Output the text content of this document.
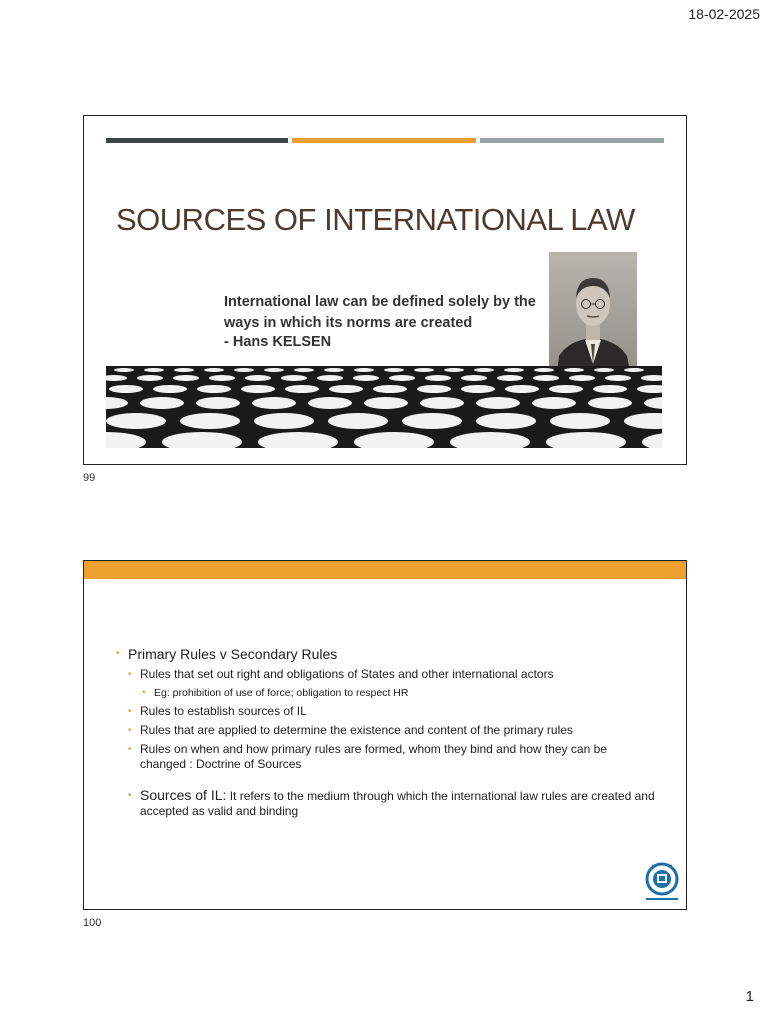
18-02-2025
SOURCES OF INTERNATIONAL LAW
International law can be defined solely by the ways in which its norms are created
- Hans KELSEN
99
• Primary Rules v Secondary Rules
• Rules that set out right and obligations of States and other international actors
• Eg: prohibition of use of force; obligation to respect HR
• Rules to establish sources of IL
• Rules that are applied to determine the existence and content of the primary rules
• Rules on when and how primary rules are formed, whom they bind and how they can be changed : Doctrine of Sources
• Sources of IL: It refers to the medium through which the international law rules are created and accepted as valid and binding
100
1
